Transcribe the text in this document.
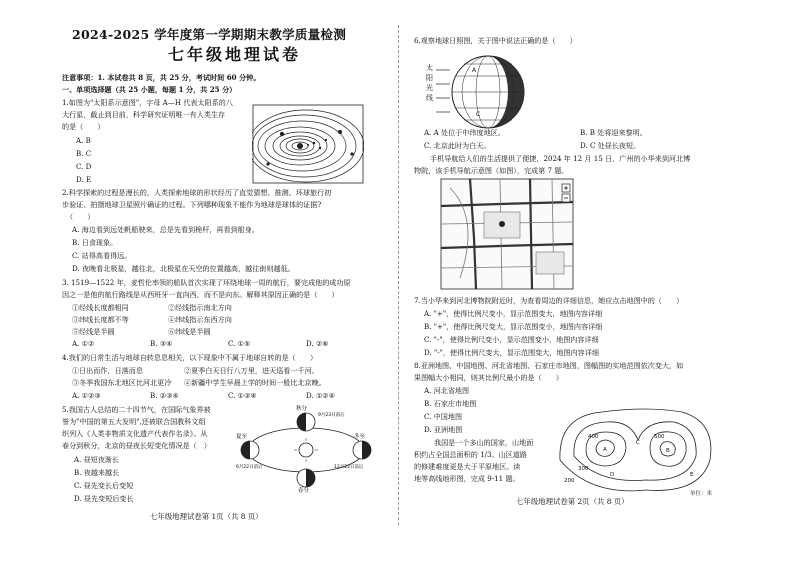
2024-2025 学年度第一学期期末教学质量检测
七年级地理试卷
注意事项：1. 本试卷共 8 页，共 25 分，考试时间 60 分钟。
一、单项选择题（共 25 小题，每题 1 分，共 25 分）
1.如图为"太阳系示意图"，字母 A—H 代表太阳系的八
大行星，截止到目前，科学研究证明唯一有人类生存
的是（　　）
A. B
B. C
C. D
D. E
2.科学探索的过程是漫长的，人类探索地球的形状经历了直觉猜想、推测、环球旅行初
步验证、拍摄地球卫星照片确证的过程。下列哪种现象不能作为地球是球体的证据?
（　　）
A. 海边看到远处帆船驶来，总是先看到桅杆，再看到船身。
B. 日食现象。
C. 站得高看得远。
D. 夜晚看北极星，越往北，北极星在天空的位置越高，越往南则越低。
3. 1519—1522 年，麦哲伦率领的船队首次实现了环绕地球一周的航行，要完成他的成功原
因之一是他的航行路线是从西班牙一直向西，而不是向东。解释其原因正确的是（　　）
①经线长度都相同	②经线指示南北方向
③纬线长度都不等	④纬线指示东西方向
⑤经线是半圆	⑥纬线是半圆
A. ①②	B. ③④	C. ①⑤	D. ②⑥
4.我们的日常生活与地球自转息息相关，以下现象中不属于地球自转的是（　　）
①日出而作，日落而息	②夏季白天日行八万里，进天巡看一千河。
③冬季我国东北地区比河北更冷 ④新疆中学生早晨上学的时间一般比北京晚。
A. ①②③	B. ②③④	C. ①③④	D. ①②④
5.我国古人总结的二十四节气，在国际气象界被
誉为"中国的第五大发明",还被联合国教科文组
织列入《人类非物质文化遗产代表作名录》。从
春分到秋分，北京的昼夜长短变化情况是（　）
A. 昼短夜渐长
B. 夜越来越长
C. 昼先变长后变短
D. 昼先变短后变长
秋分
春分
夏至	冬至
9月23日前后
12月22日前后
6月22日前后
七年级地理试卷第 1页（共 8 页）
6.观察地球日照图，关于图中说法正确的是（　　）
太
阳
光
线
A
B
C
A. A 处位于中纬度地区。	B. B 处将迎来黎明。
C. 北京此时为白天。	D. C 处昼长夜短。
手机导航给人们的生活提供了便捷，2024 年 12 月 15 日，广州的小华来到河北博
物院，该手机导航示意图（如图），完成第 7 题。
7.当小华来到河北博物院附近时，为查看周边的详细信息，她应点击地图中的（　　）
A. "+"，使得比例尺变小，显示范围变大，地图内容详细
B. "+"，使得比例尺变大，显示范围变小，地图内容详细
C. "-"，使得比例尺变小，显示范围变小，地图内容详细
D. "-"，使得比例尺变大，显示范围变大，地图内容详细
8.亚洲地图、中国地图、河北省地图、石家庄市地图，图幅图的实地范围依次变大，如
果图幅大小相同，则其比例尺最小的是（　　）
A. 河北省地图
B. 石家庄市地图
C. 中国地图
D. 亚洲地图
我国是一个多山的国家，山地面
积约占全国总面积的 1/3。山区道路
的修建难度更是大于平原地区。读
地等高线地形图，完成 9-11 题。
A	B
C
D	E
200
300
400	500
单位：米
七年级地理试卷第 2页（共 8 页）
